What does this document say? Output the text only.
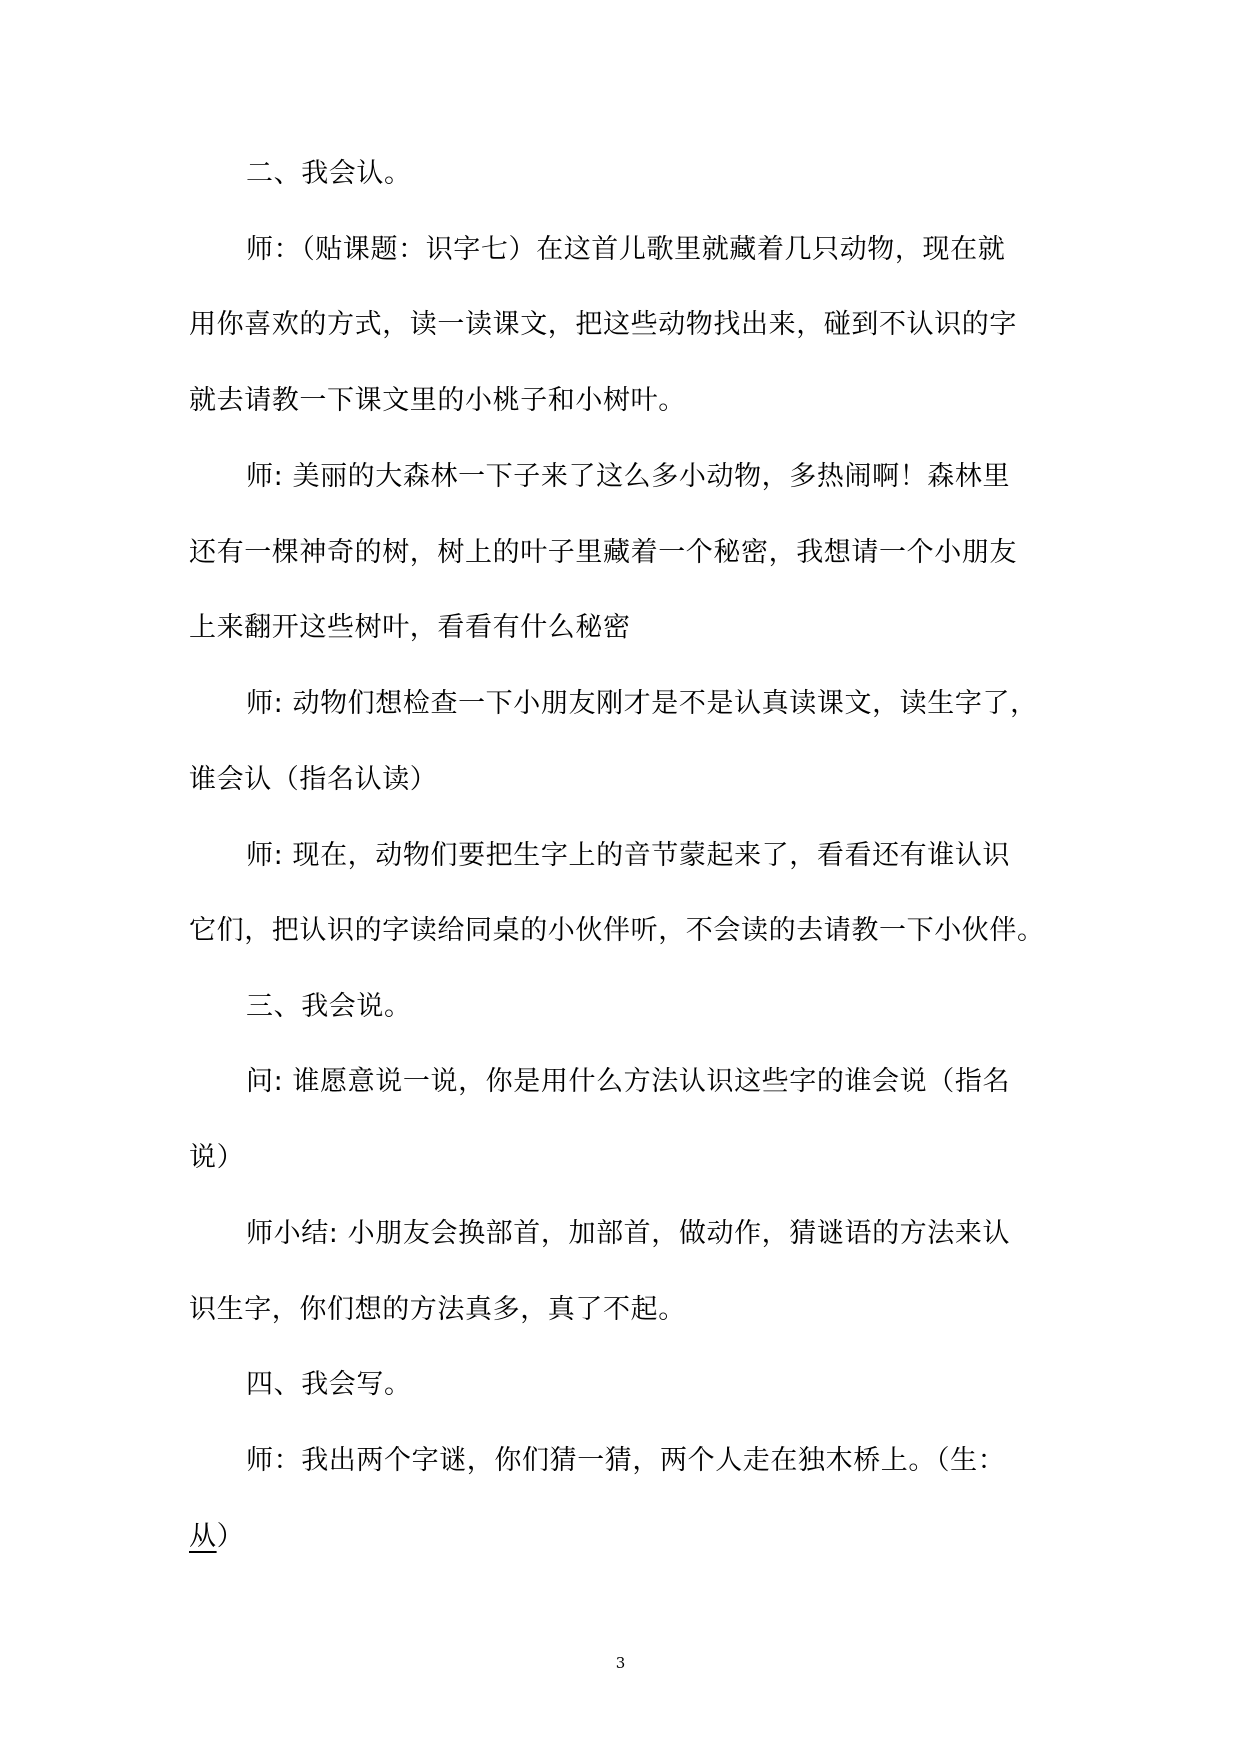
二、我会认。
师：（贴课题：识字七）在这首儿歌里就藏着几只动物，现在就
用你喜欢的方式，读一读课文，把这些动物找出来，碰到不认识的字
就去请教一下课文里的小桃子和小树叶。
师: 美丽的大森林一下子来了这么多小动物，多热闹啊！森林里
还有一棵神奇的树，树上的叶子里藏着一个秘密，我想请一个小朋友
上来翻开这些树叶，看看有什么秘密
师: 动物们想检查一下小朋友刚才是不是认真读课文，读生字了，
谁会认（指名认读）
师: 现在，动物们要把生字上的音节蒙起来了，看看还有谁认识
它们，把认识的字读给同桌的小伙伴听，不会读的去请教一下小伙伴。
三、我会说。
问: 谁愿意说一说，你是用什么方法认识这些字的谁会说（指名
说）
师小结: 小朋友会换部首，加部首，做动作，猜谜语的方法来认
识生字，你们想的方法真多，真了不起。
四、我会写。
师：我出两个字谜，你们猜一猜，两个人走在独木桥上。（生：
从）
3
